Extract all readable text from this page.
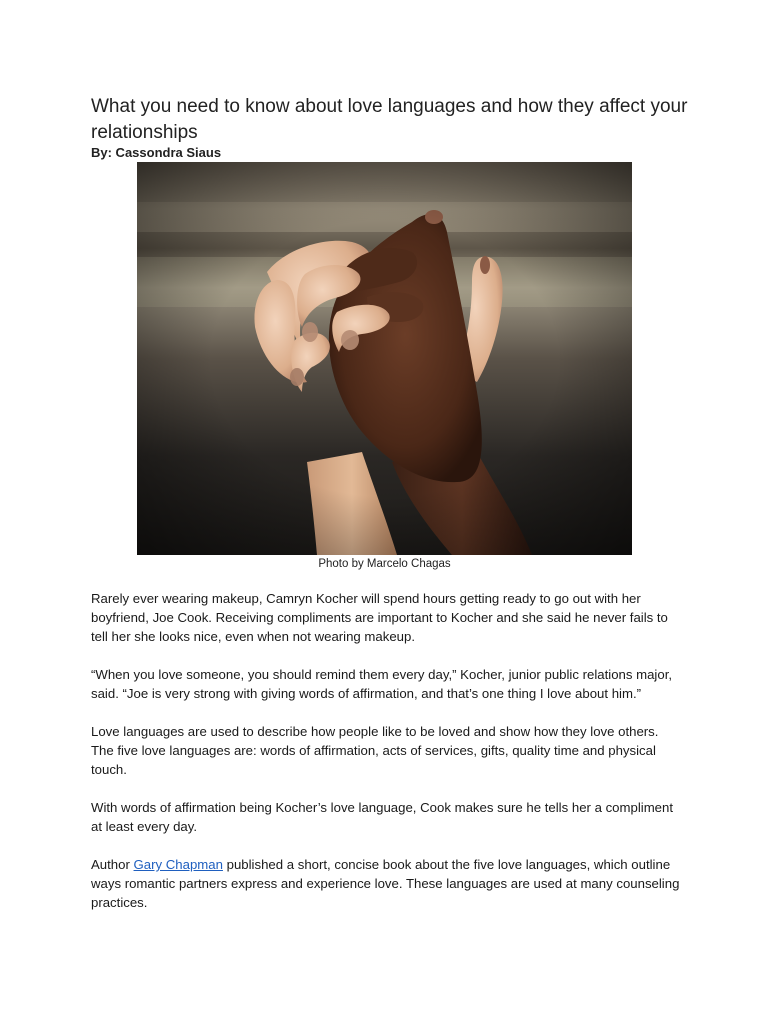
What you need to know about love languages and how they affect your relationships
By: Cassondra Siaus
Photo by Marcelo Chagas

Rarely ever wearing makeup, Camryn Kocher will spend hours getting ready to go out with her boyfriend, Joe Cook. Receiving compliments are important to Kocher and she said he never fails to tell her she looks nice, even when not wearing makeup.

“When you love someone, you should remind them every day,” Kocher, junior public relations major, said. “Joe is very strong with giving words of affirmation, and that’s one thing I love about him.”

Love languages are used to describe how people like to be loved and show how they love others. The five love languages are: words of affirmation, acts of services, gifts, quality time and physical touch.

With words of affirmation being Kocher’s love language, Cook makes sure he tells her a compliment at least every day.

Author Gary Chapman published a short, concise book about the five love languages, which outline ways romantic partners express and experience love. These languages are used at many counseling practices.
